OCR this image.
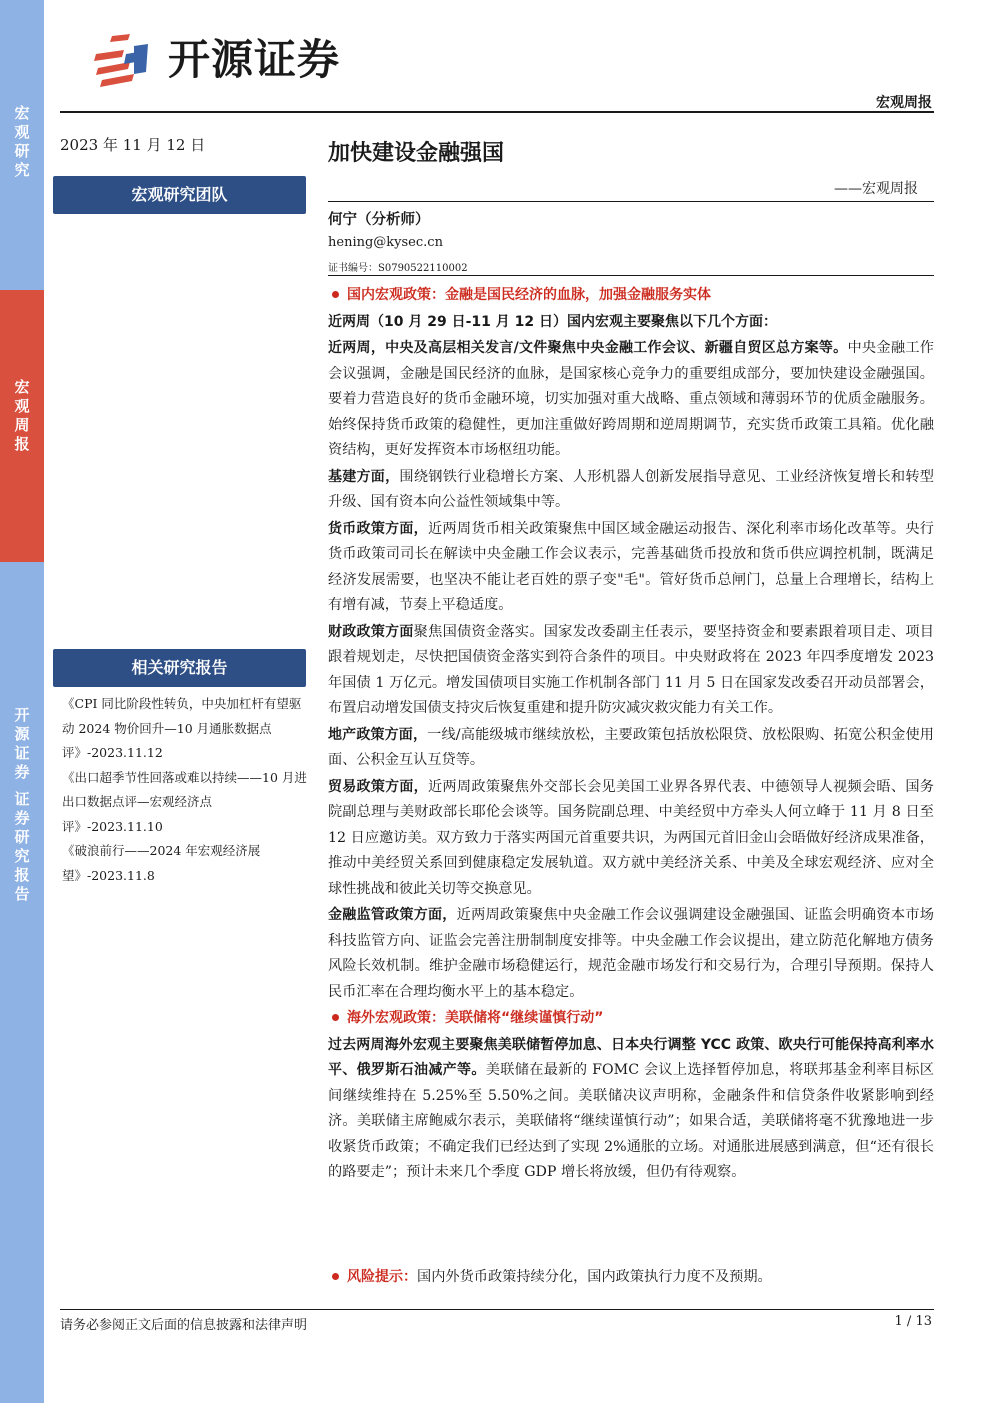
宏
观
研
究
宏
观
周
报
开
源
证
券
证
券
研
究
报
告
开源证券
宏观周报
2023 年 11 月 12 日
宏观研究团队
相关研究报告
《CPI 同比阶段性转负，中央加杠杆有望驱动 2024 物价回升—10 月通胀数据点评》-2023.11.12
《出口超季节性回落或难以持续——10 月进出口数据点评—宏观经济点评》-2023.11.10
《破浪前行——2024 年宏观经济展望》-2023.11.8
加快建设金融强国
——宏观周报
何宁（分析师）
hening@kysec.cn
证书编号：S0790522110002

国内宏观政策：金融是国民经济的血脉，加强金融服务实体

近两周（10 月 29 日-11 月 12 日）国内宏观主要聚焦以下几个方面：

近两周，中央及高层相关发言/文件聚焦中央金融工作会议、新疆自贸区总方案等。中央金融工作会议强调，金融是国民经济的血脉，是国家核心竞争力的重要组成部分，要加快建设金融强国。要着力营造良好的货币金融环境，切实加强对重大战略、重点领域和薄弱环节的优质金融服务。始终保持货币政策的稳健性，更加注重做好跨周期和逆周期调节，充实货币政策工具箱。优化融资结构，更好发挥资本市场枢纽功能。

基建方面，围绕钢铁行业稳增长方案、人形机器人创新发展指导意见、工业经济恢复增长和转型升级、国有资本向公益性领域集中等。

货币政策方面，近两周货币相关政策聚焦中国区域金融运动报告、深化利率市场化改革等。央行货币政策司司长在解读中央金融工作会议表示，完善基础货币投放和货币供应调控机制，既满足经济发展需要，也坚决不能让老百姓的票子变"毛"。管好货币总闸门，总量上合理增长，结构上有增有减，节奏上平稳适度。

财政政策方面聚焦国债资金落实。国家发改委副主任表示，要坚持资金和要素跟着项目走、项目跟着规划走，尽快把国债资金落实到符合条件的项目。中央财政将在 2023 年四季度增发 2023 年国债 1 万亿元。增发国债项目实施工作机制各部门 11 月 5 日在国家发改委召开动员部署会，布置启动增发国债支持灾后恢复重建和提升防灾减灾救灾能力有关工作。

地产政策方面，一线/高能级城市继续放松，主要政策包括放松限贷、放松限购、拓宽公积金使用面、公积金互认互贷等。

贸易政策方面，近两周政策聚焦外交部长会见美国工业界各界代表、中德领导人视频会晤、国务院副总理与美财政部长耶伦会谈等。国务院副总理、中美经贸中方牵头人何立峰于 11 月 8 日至 12 日应邀访美。双方致力于落实两国元首重要共识，为两国元首旧金山会晤做好经济成果准备，推动中美经贸关系回到健康稳定发展轨道。双方就中美经济关系、中美及全球宏观经济、应对全球性挑战和彼此关切等交换意见。

金融监管政策方面，近两周政策聚焦中央金融工作会议强调建设金融强国、证监会明确资本市场科技监管方向、证监会完善注册制制度安排等。中央金融工作会议提出，建立防范化解地方债务风险长效机制。维护金融市场稳健运行，规范金融市场发行和交易行为，合理引导预期。保持人民币汇率在合理均衡水平上的基本稳定。

海外宏观政策：美联储将“继续谨慎行动”

过去两周海外宏观主要聚焦美联储暂停加息、日本央行调整 YCC 政策、欧央行可能保持高利率水平、俄罗斯石油减产等。美联储在最新的 FOMC 会议上选择暂停加息，将联邦基金利率目标区间继续维持在 5.25%至 5.50%之间。美联储决议声明称，金融条件和信贷条件收紧影响到经济。美联储主席鲍威尔表示，美联储将“继续谨慎行动”；如果合适，美联储将毫不犹豫地进一步收紧货币政策；不确定我们已经达到了实现 2%通胀的立场。对通胀进展感到满意，但“还有很长的路要走”；预计未来几个季度 GDP 增长将放缓，但仍有待观察。

风险提示：国内外货币政策持续分化，国内政策执行力度不及预期。
请务必参阅正文后面的信息披露和法律声明	1 / 13
